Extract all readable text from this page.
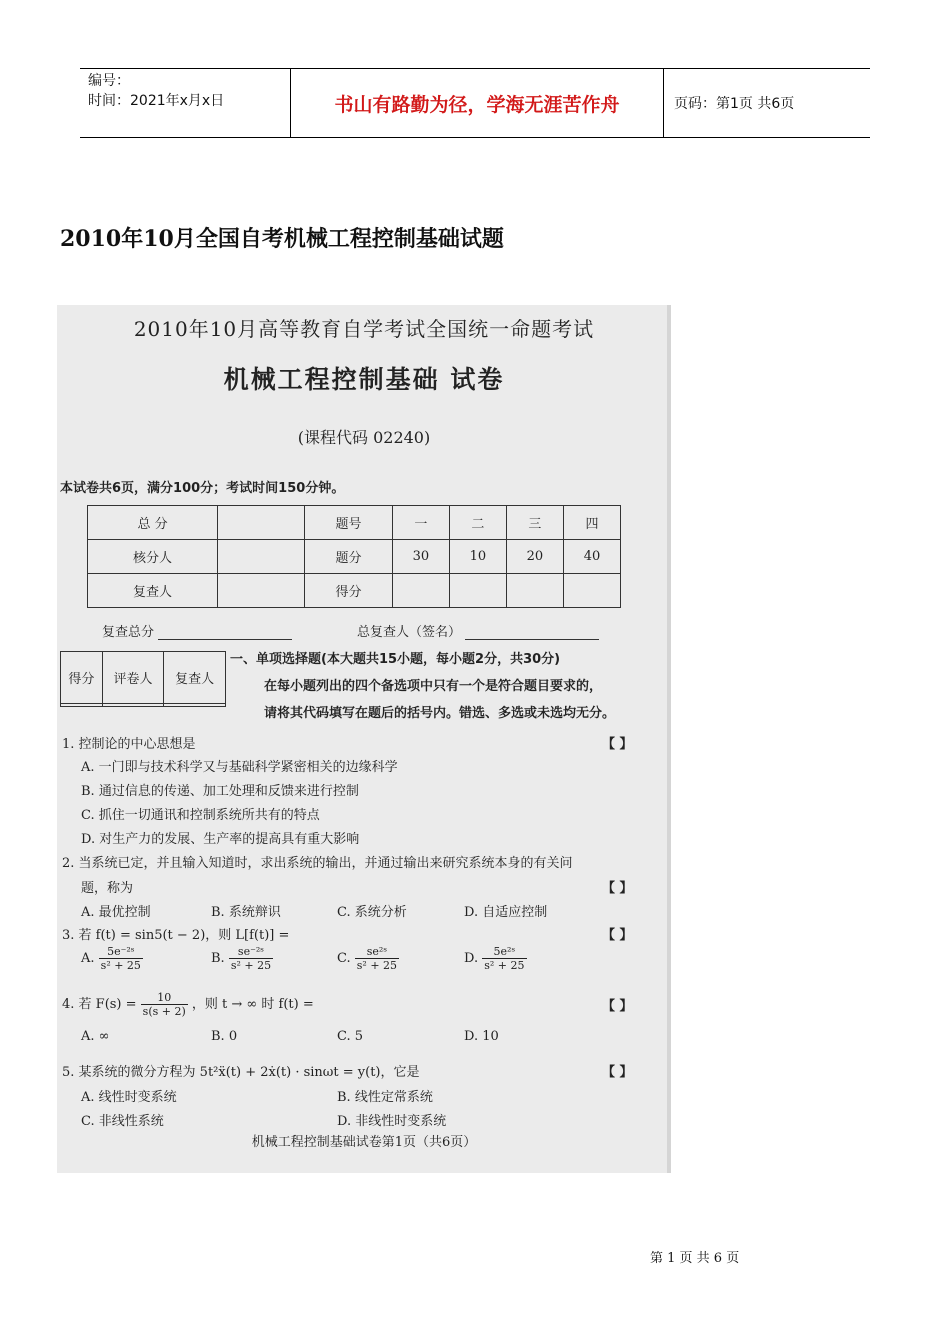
编号：
时间：2021年x月x日	书山有路勤为径，学海无涯苦作舟	页码：第1页 共6页
2010年10月全国自考机械工程控制基础试题
2010年10月高等教育自学考试全国统一命题考试
机械工程控制基础 试卷
(课程代码 02240)
本试卷共6页，满分100分；考试时间150分钟。
总 分		题号	一	二	三	四
核分人		题分	30	10	20	40
复查人		得分				
复查总分	总复查人（签名）
得分	评卷人	复查人

一、单项选择题(本大题共15小题，每小题2分，共30分)
在每小题列出的四个备选项中只有一个是符合题目要求的，
请将其代码填写在题后的括号内。错选、多选或未选均无分。
1. 控制论的中心思想是	【 】
A. 一门即与技术科学又与基础科学紧密相关的边缘科学
B. 通过信息的传递、加工处理和反馈来进行控制
C. 抓住一切通讯和控制系统所共有的特点
D. 对生产力的发展、生产率的提高具有重大影响
2. 当系统已定，并且输入知道时，求出系统的输出，并通过输出来研究系统本身的有关问
题，称为	【 】
A. 最优控制	B. 系统辩识	C. 系统分析	D. 自适应控制
3. 若 f(t) = sin5(t − 2)，则 L[f(t)] =	【 】
A. $\frac{\text{5e⁻²ˢ}}{\text{s² + 25}}$	B. $\frac{\text{se⁻²ˢ}}{\text{s² + 25}}$	C. $\frac{\text{se²ˢ}}{\text{s² + 25}}$	D. $\frac{\text{5e²ˢ}}{\text{s² + 25}}$
4. 若 $F(s) = \frac{10}{s(s + 2)}$ ，则 t → ∞ 时 f(t) =	【 】
A. ∞	B. 0	C. 5	D. 10
5. 某系统的微分方程为 5t²ẍ(t) + 2ẋ(t) · sinωt = y(t)，它是	【 】
A. 线性时变系统	B. 线性定常系统
C. 非线性系统	D. 非线性时变系统
机械工程控制基础试卷第1页（共6页）
第 1 页 共 6 页
